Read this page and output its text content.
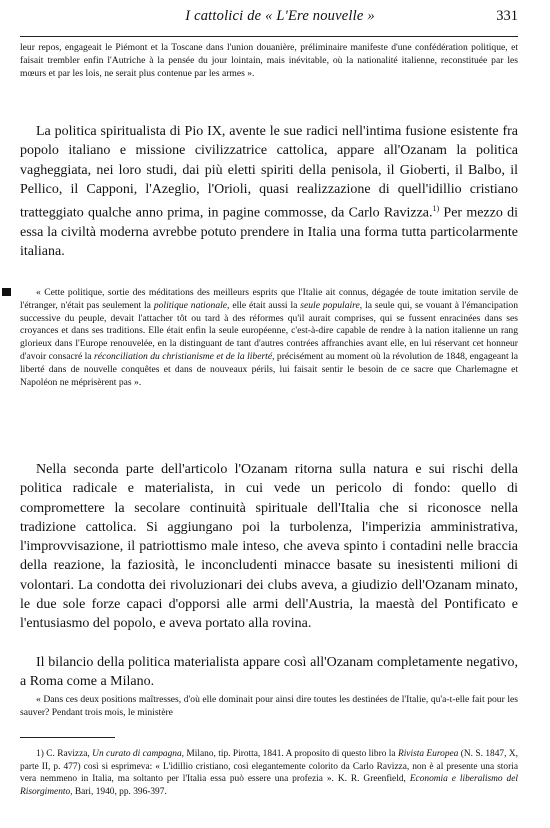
I cattolici de « L'Ere nouvelle »	331

leur repos, engageait le Piémont et la Toscane dans l'union douanière, préliminaire manifeste d'une confédération politique, et faisait trembler enfin l'Autriche à la pensée du jour lointain, mais inévitable, où la nationalité italienne, reconstituée par les mœurs et par les lois, ne serait plus contenue par les armes ».

La politica spiritualista di Pio IX, avente le sue radici nell'intima fusione esistente fra popolo italiano e missione civilizzatrice cattolica, appare all'Ozanam la politica vagheggiata, nei loro studi, dai più eletti spiriti della penisola, il Gioberti, il Balbo, il Pellico, il Capponi, l'Azeglio, l'Orioli, quasi realizzazione di quell'idillio cristiano tratteggiato qualche anno prima, in pagine commosse, da Carlo Ravizza.$^{1)}$ Per mezzo di essa la civiltà moderna avrebbe potuto prendere in Italia una forma tutta particolarmente italiana.

« Cette politique, sortie des méditations des meilleurs esprits que l'Italie ait connus, dégagée de toute imitation servile de l'étranger, n'était pas seulement la politique nationale, elle était aussi la seule populaire, la seule qui, se vouant à l'émancipation successive du peuple, devait l'attacher tôt ou tard à des réformes qu'il aurait comprises, qui se fussent enracinées dans ses croyances et dans ses traditions. Elle était enfin la seule européenne, c'est-à-dire capable de rendre à la nation italienne un rang glorieux dans l'Europe renouvelée, en la distinguant de tant d'autres contrées affranchies avant elle, en lui réservant cet honneur d'avoir consacré la réconciliation du christianisme et de la liberté, précisément au moment où la révolution de 1848, engageant la liberté dans de nouvelle conquêtes et dans de nouveaux périls, lui faisait sentir le besoin de ce sacre que Charlemagne et Napoléon ne méprisèrent pas ».

Nella seconda parte dell'articolo l'Ozanam ritorna sulla natura e sui rischi della politica radicale e materialista, in cui vede un pericolo di fondo: quello di compromettere la secolare continuità spirituale dell'Italia che si riconosce nella tradizione cattolica. Si aggiungano poi la turbolenza, l'imperizia amministrativa, l'improvvisazione, il patriottismo male inteso, che aveva spinto i contadini nelle braccia della reazione, la faziosità, le inconcludenti minacce basate su inesistenti milioni di volontari. La condotta dei rivoluzionari dei clubs aveva, a giudizio dell'Ozanam minato, le due sole forze capaci d'opporsi alle armi dell'Austria, la maestà del Pontificato e l'entusiasmo del popolo, e aveva portato alla rovina.

Il bilancio della politica materialista appare così all'Ozanam completamente negativo, a Roma come a Milano.

« Dans ces deux positions maîtresses, d'où elle dominait pour ainsi dire toutes les destinées de l'Italie, qu'a-t-elle fait pour les sauver? Pendant trois mois, le ministère

1) C. Ravizza, Un curato di campagna, Milano, tip. Pirotta, 1841. A proposito di questo libro la Rivista Europea (N. S. 1847, X, parte II, p. 477) così si esprimeva: « L'idillio cristiano, così elegantemente colorito da Carlo Ravizza, non è al presente una storia vera nemmeno in Italia, ma soltanto per l'Italia essa può essere una profezia ». K. R. Greenfield, Economia e liberalismo del Risorgimento, Bari, 1940, pp. 396-397.
